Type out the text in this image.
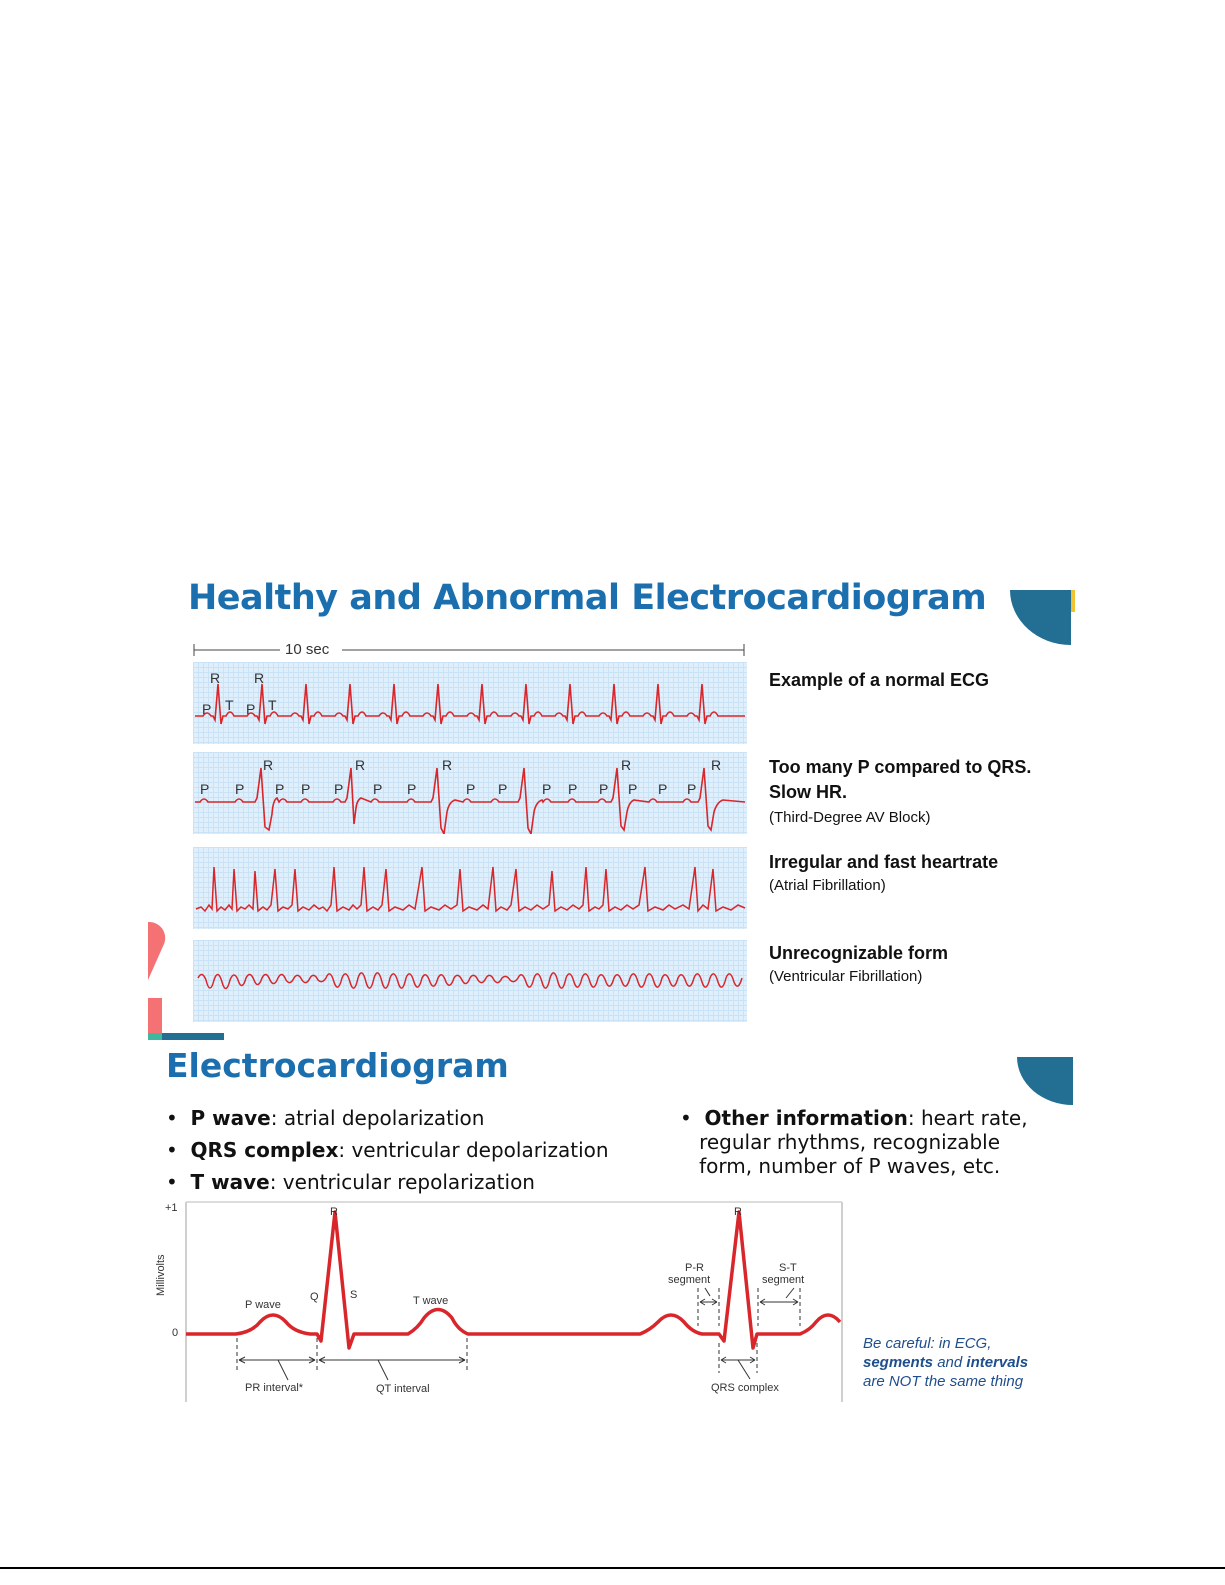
Healthy and Abnormal Electrocardiogram
10 sec
R R
P T P T
Example of a normal ECG
R	R	R	R	R
P P P P P P P	P P P P P P P P
Too many P compared to QRS.
Slow HR.
(Third-Degree AV Block)
Irregular and fast heartrate
(Atrial Fibrillation)
Unrecognizable form
(Ventricular Fibrillation)
Electrocardiogram
•  P wave: atrial depolarization
•  QRS complex: ventricular depolarization
•  T wave: ventricular repolarization
•  Other information: heart rate,
regular rhythms, recognizable
form, number of P waves, etc.
+1
0
Millivolts
R	R
Q	S
P wave	T wave
P-R
segment
S-T
segment
PR interval*	QT interval	QRS complex
Be careful: in ECG,
segments and intervals
are NOT the same thing
